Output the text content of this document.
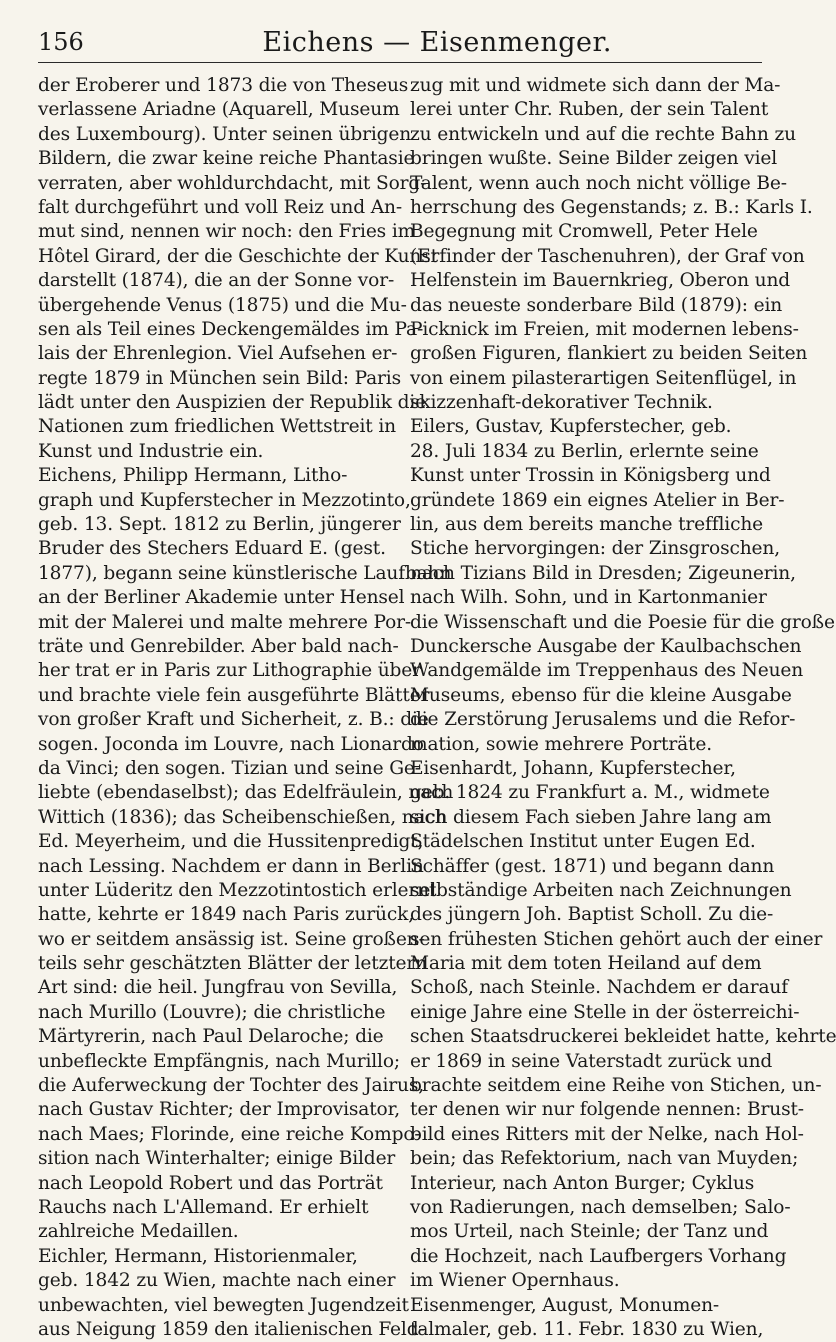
156	Eichens — Eisenmenger.
der Eroberer und 1873 die von Theseus
verlassene Ariadne (Aquarell, Museum
des Luxembourg). Unter seinen übrigen
Bildern, die zwar keine reiche Phantasie
verraten, aber wohldurchdacht, mit Sorg-
falt durchgeführt und voll Reiz und An-
mut sind, nennen wir noch: den Fries im
Hôtel Girard, der die Geschichte der Kunst
darstellt (1874), die an der Sonne vor-
übergehende Venus (1875) und die Mu-
sen als Teil eines Deckengemäldes im Pa-
lais der Ehrenlegion. Viel Aufsehen er-
regte 1879 in München sein Bild: Paris
lädt unter den Auspizien der Republik die
Nationen zum friedlichen Wettstreit in
Kunst und Industrie ein.
Eichens, Philipp Hermann, Litho-
graph und Kupferstecher in Mezzotinto,
geb. 13. Sept. 1812 zu Berlin, jüngerer
Bruder des Stechers Eduard E. (gest.
1877), begann seine künstlerische Laufbahn
an der Berliner Akademie unter Hensel
mit der Malerei und malte mehrere Por-
träte und Genrebilder. Aber bald nach-
her trat er in Paris zur Lithographie über
und brachte viele fein ausgeführte Blätter
von großer Kraft und Sicherheit, z. B.: die
sogen. Joconda im Louvre, nach Lionardo
da Vinci; den sogen. Tizian und seine Ge-
liebte (ebendaselbst); das Edelfräulein, nach
Wittich (1836); das Scheibenschießen, nach
Ed. Meyerheim, und die Hussitenpredigt,
nach Lessing. Nachdem er dann in Berlin
unter Lüderitz den Mezzotintostich erlernt
hatte, kehrte er 1849 nach Paris zurück,
wo er seitdem ansässig ist. Seine großen-
teils sehr geschätzten Blätter der letztern
Art sind: die heil. Jungfrau von Sevilla,
nach Murillo (Louvre); die christliche
Märtyrerin, nach Paul Delaroche; die
unbefleckte Empfängnis, nach Murillo;
die Auferweckung der Tochter des Jairus,
nach Gustav Richter; der Improvisator,
nach Maes; Florinde, eine reiche Kompo-
sition nach Winterhalter; einige Bilder
nach Leopold Robert und das Porträt
Rauchs nach L'Allemand. Er erhielt
zahlreiche Medaillen.
Eichler, Hermann, Historienmaler,
geb. 1842 zu Wien, machte nach einer
unbewachten, viel bewegten Jugendzeit
aus Neigung 1859 den italienischen Feld-
zug mit und widmete sich dann der Ma-
lerei unter Chr. Ruben, der sein Talent
zu entwickeln und auf die rechte Bahn zu
bringen wußte. Seine Bilder zeigen viel
Talent, wenn auch noch nicht völlige Be-
herrschung des Gegenstands; z. B.: Karls I.
Begegnung mit Cromwell, Peter Hele
(Erfinder der Taschenuhren), der Graf von
Helfenstein im Bauernkrieg, Oberon und
das neueste sonderbare Bild (1879): ein
Picknick im Freien, mit modernen lebens-
großen Figuren, flankiert zu beiden Seiten
von einem pilasterartigen Seitenflügel, in
skizzenhaft-dekorativer Technik.
Eilers, Gustav, Kupferstecher, geb.
28. Juli 1834 zu Berlin, erlernte seine
Kunst unter Trossin in Königsberg und
gründete 1869 ein eignes Atelier in Ber-
lin, aus dem bereits manche treffliche
Stiche hervorgingen: der Zinsgroschen,
nach Tizians Bild in Dresden; Zigeunerin,
nach Wilh. Sohn, und in Kartonmanier
die Wissenschaft und die Poesie für die große
Dunckersche Ausgabe der Kaulbachschen
Wandgemälde im Treppenhaus des Neuen
Museums, ebenso für die kleine Ausgabe
die Zerstörung Jerusalems und die Refor-
mation, sowie mehrere Porträte.
Eisenhardt, Johann, Kupferstecher,
geb. 1824 zu Frankfurt a. M., widmete
sich diesem Fach sieben Jahre lang am
Städelschen Institut unter Eugen Ed.
Schäffer (gest. 1871) und begann dann
selbständige Arbeiten nach Zeichnungen
des jüngern Joh. Baptist Scholl. Zu die-
sen frühesten Stichen gehört auch der einer
Maria mit dem toten Heiland auf dem
Schoß, nach Steinle. Nachdem er darauf
einige Jahre eine Stelle in der österreichi-
schen Staatsdruckerei bekleidet hatte, kehrte
er 1869 in seine Vaterstadt zurück und
brachte seitdem eine Reihe von Stichen, un-
ter denen wir nur folgende nennen: Brust-
bild eines Ritters mit der Nelke, nach Hol-
bein; das Refektorium, nach van Muyden;
Interieur, nach Anton Burger; Cyklus
von Radierungen, nach demselben; Salo-
mos Urteil, nach Steinle; der Tanz und
die Hochzeit, nach Laufbergers Vorhang
im Wiener Opernhaus.
Eisenmenger, August, Monumen-
talmaler, geb. 11. Febr. 1830 zu Wien,
